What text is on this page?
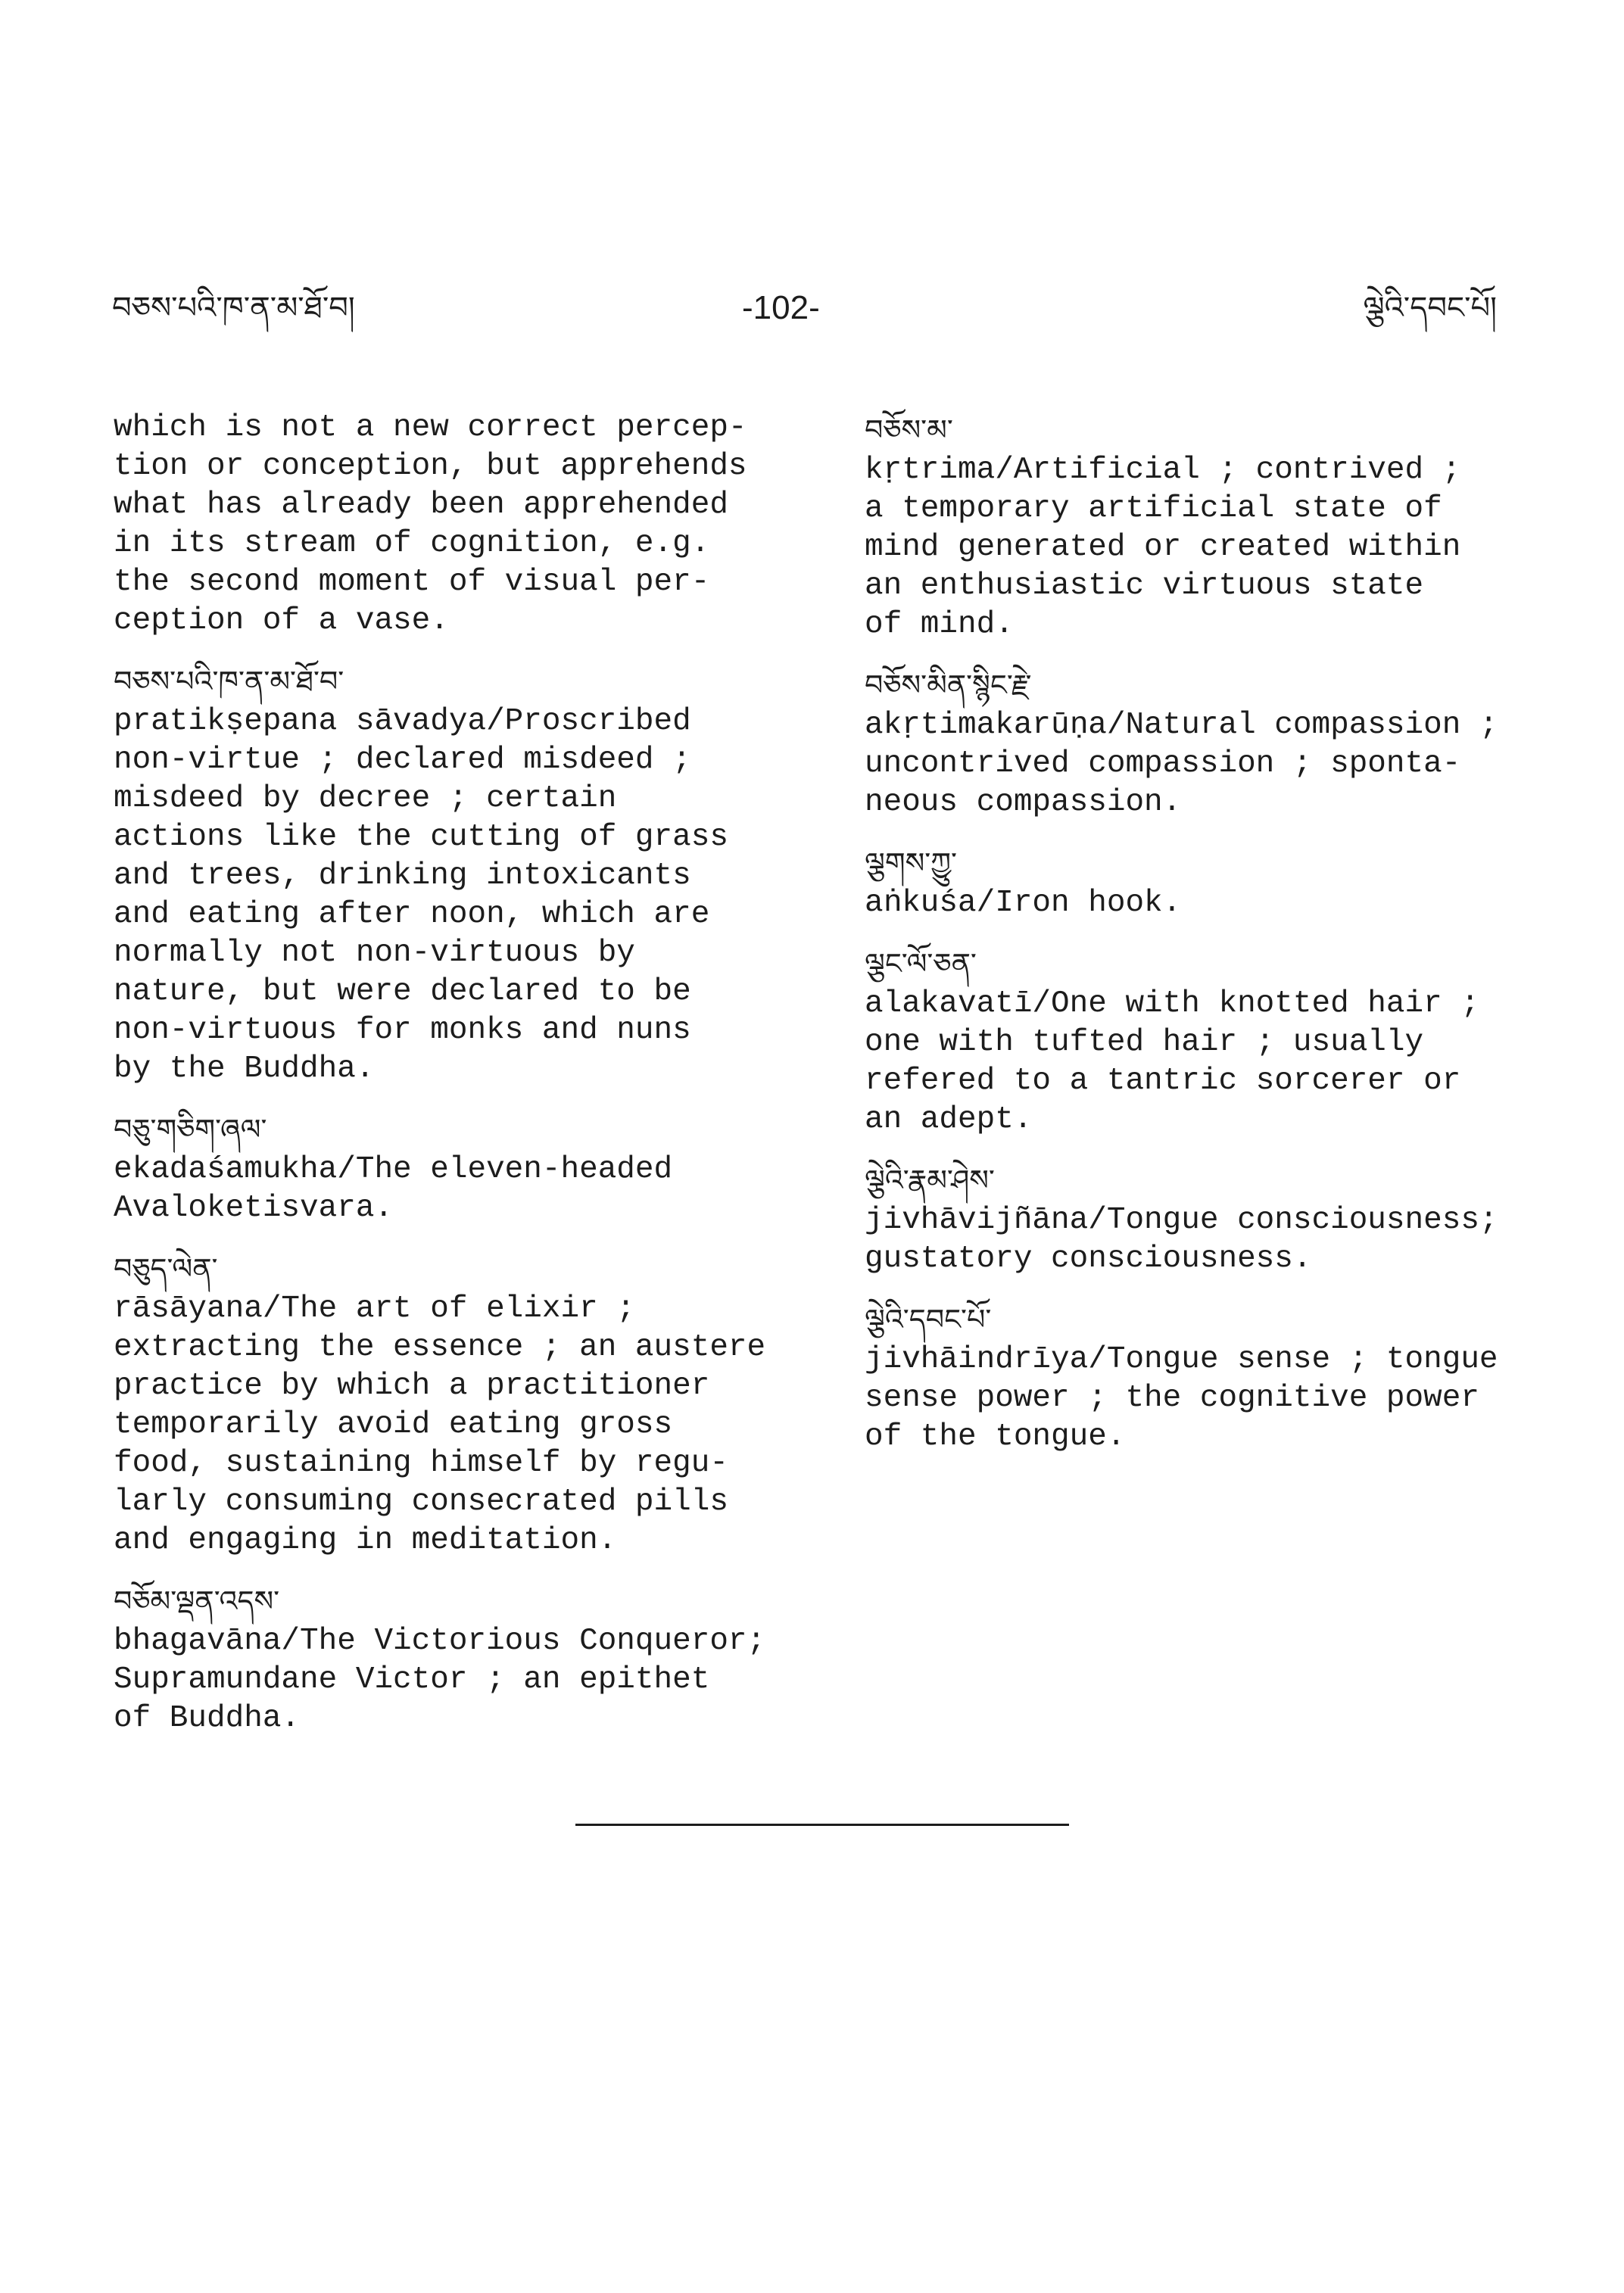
བཅས་པའི་ཁ་ན་མ་ཐོ་བ།	-102-	ལྕེའི་དབང་པོ།
which is not a new correct percep-
tion or conception, but apprehends
what has already been apprehended
in its stream of cognition, e.g.
the second moment of visual per-
ception of a vase.
བཅས་པའི་ཁ་ན་མ་ཐོ་བ་
pratikṣepana sāvadya/Proscribed
non-virtue ; declared misdeed ;
misdeed by decree ; certain
actions like the cutting of grass
and trees, drinking intoxicants
and eating after noon, which are
normally not non-virtuous by
nature, but were declared to be
non-virtuous for monks and nuns
by the Buddha.
བཅུ་གཅིག་ཞལ་
ekadaśamukha/The eleven-headed
Avaloketisvara.
བཅུད་ལེན་
rāsāyana/The art of elixir ;
extracting the essence ; an austere
practice by which a practitioner
temporarily avoid eating gross
food, sustaining himself by regu-
larly consuming consecrated pills
and engaging in meditation.
བཅོམ་ལྡན་འདས་
bhagavāna/The Victorious Conqueror;
Supramundane Victor ; an epithet
of Buddha.
བཅོས་མ་
kṛtrima/Artificial ; contrived ;
a temporary artificial state of
mind generated or created within
an enthusiastic virtuous state
of mind.
བཅོས་མིན་སྙིང་རྗེ་
akṛtimakarūṇa/Natural compassion ;
uncontrived compassion ; sponta-
neous compassion.
ལྕགས་ཀྱུ་
aṅkuśa/Iron hook.
ལྕང་ལོ་ཅན་
alakavatī/One with knotted hair ;
one with tufted hair ; usually
refered to a tantric sorcerer or
an adept.
ལྕེའི་རྣམ་ཤེས་
jivhāvijñāna/Tongue consciousness;
gustatory consciousness.
ལྕེའི་དབང་པོ་
jivhāindrīya/Tongue sense ; tongue
sense power ; the cognitive power
of the tongue.
